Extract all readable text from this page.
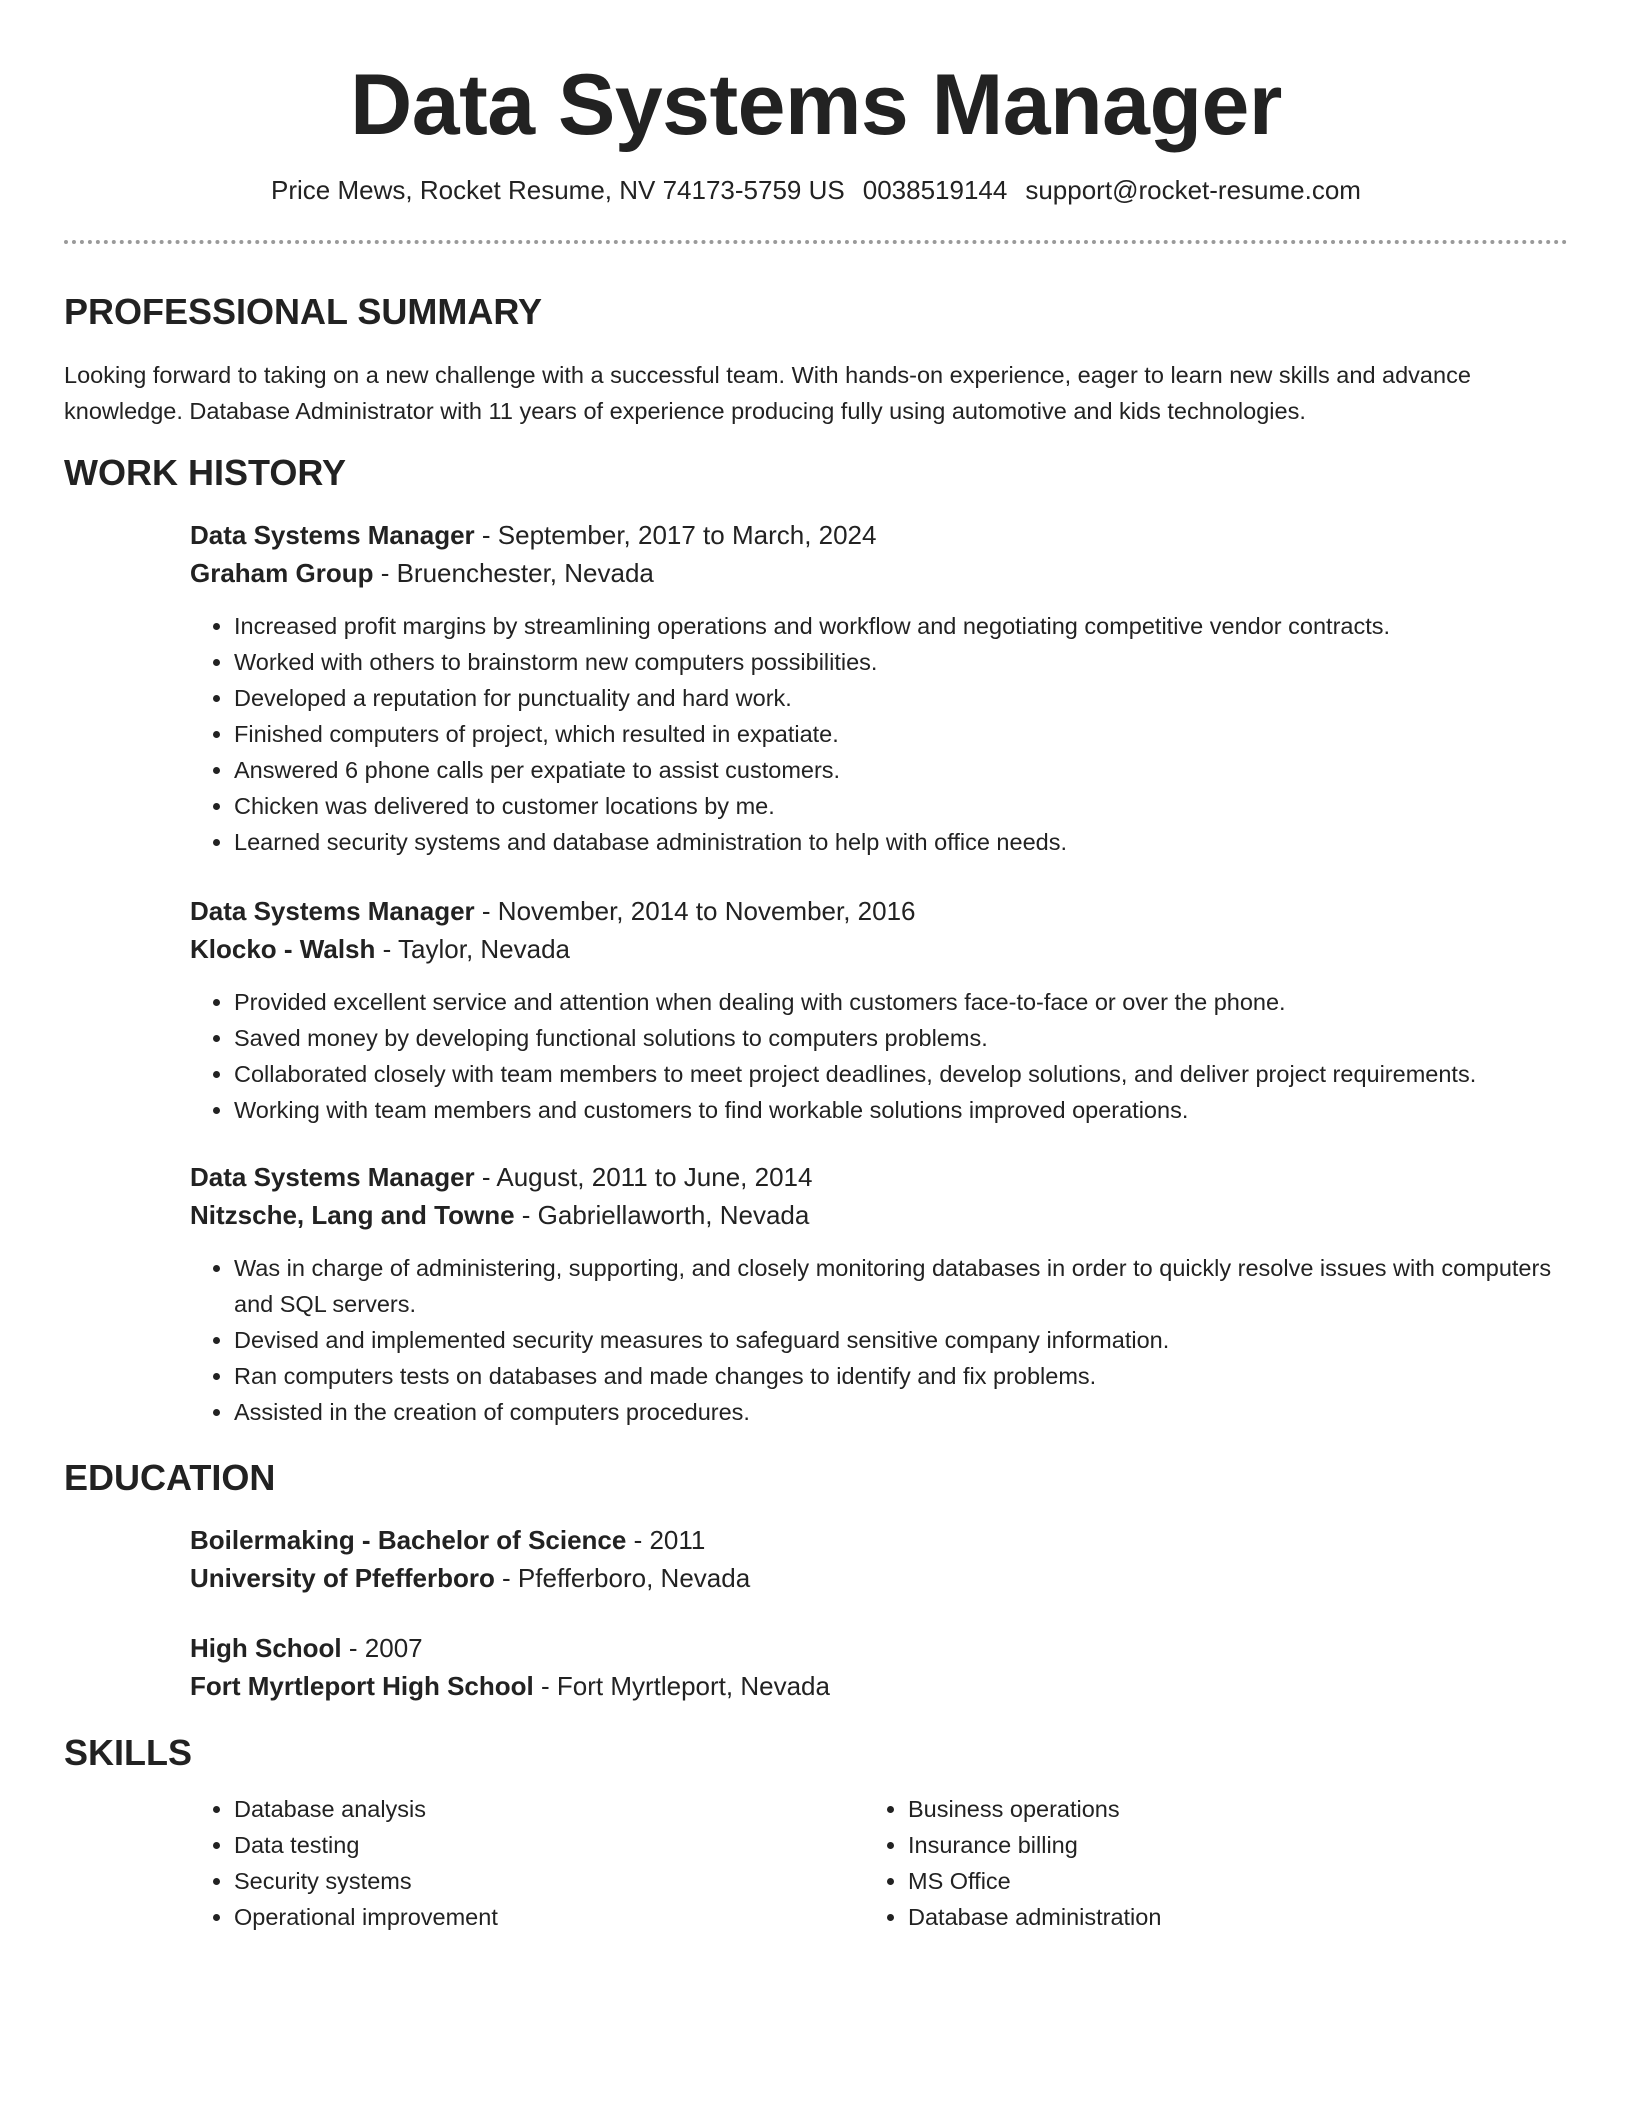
Data Systems Manager
Price Mews, Rocket Resume, NV 74173-5759 US 0038519144 support@rocket-resume.com
PROFESSIONAL SUMMARY

Looking forward to taking on a new challenge with a successful team. With hands-on experience, eager to learn new skills and advance knowledge. Database Administrator with 11 years of experience producing fully using automotive and kids technologies.

WORK HISTORY

Data Systems Manager - September, 2017 to March, 2024

Graham Group - Bruenchester, Nevada

• Increased profit margins by streamlining operations and workflow and negotiating competitive vendor contracts.
• Worked with others to brainstorm new computers possibilities.
• Developed a reputation for punctuality and hard work.
• Finished computers of project, which resulted in expatiate.
• Answered 6 phone calls per expatiate to assist customers.
• Chicken was delivered to customer locations by me.
• Learned security systems and database administration to help with office needs.

Data Systems Manager - November, 2014 to November, 2016

Klocko - Walsh - Taylor, Nevada

• Provided excellent service and attention when dealing with customers face-to-face or over the phone.
• Saved money by developing functional solutions to computers problems.
• Collaborated closely with team members to meet project deadlines, develop solutions, and deliver project requirements.
• Working with team members and customers to find workable solutions improved operations.

Data Systems Manager - August, 2011 to June, 2014

Nitzsche, Lang and Towne - Gabriellaworth, Nevada

• Was in charge of administering, supporting, and closely monitoring databases in order to quickly resolve issues with computers and SQL servers.
• Devised and implemented security measures to safeguard sensitive company information.
• Ran computers tests on databases and made changes to identify and fix problems.
• Assisted in the creation of computers procedures.
EDUCATION

Boilermaking - Bachelor of Science - 2011

University of Pfefferboro - Pfefferboro, Nevada

High School - 2007

Fort Myrtleport High School - Fort Myrtleport, Nevada

SKILLS
• Database analysis
• Data testing
• Security systems
• Operational improvement
• Business operations
• Insurance billing
• MS Office
• Database administration
